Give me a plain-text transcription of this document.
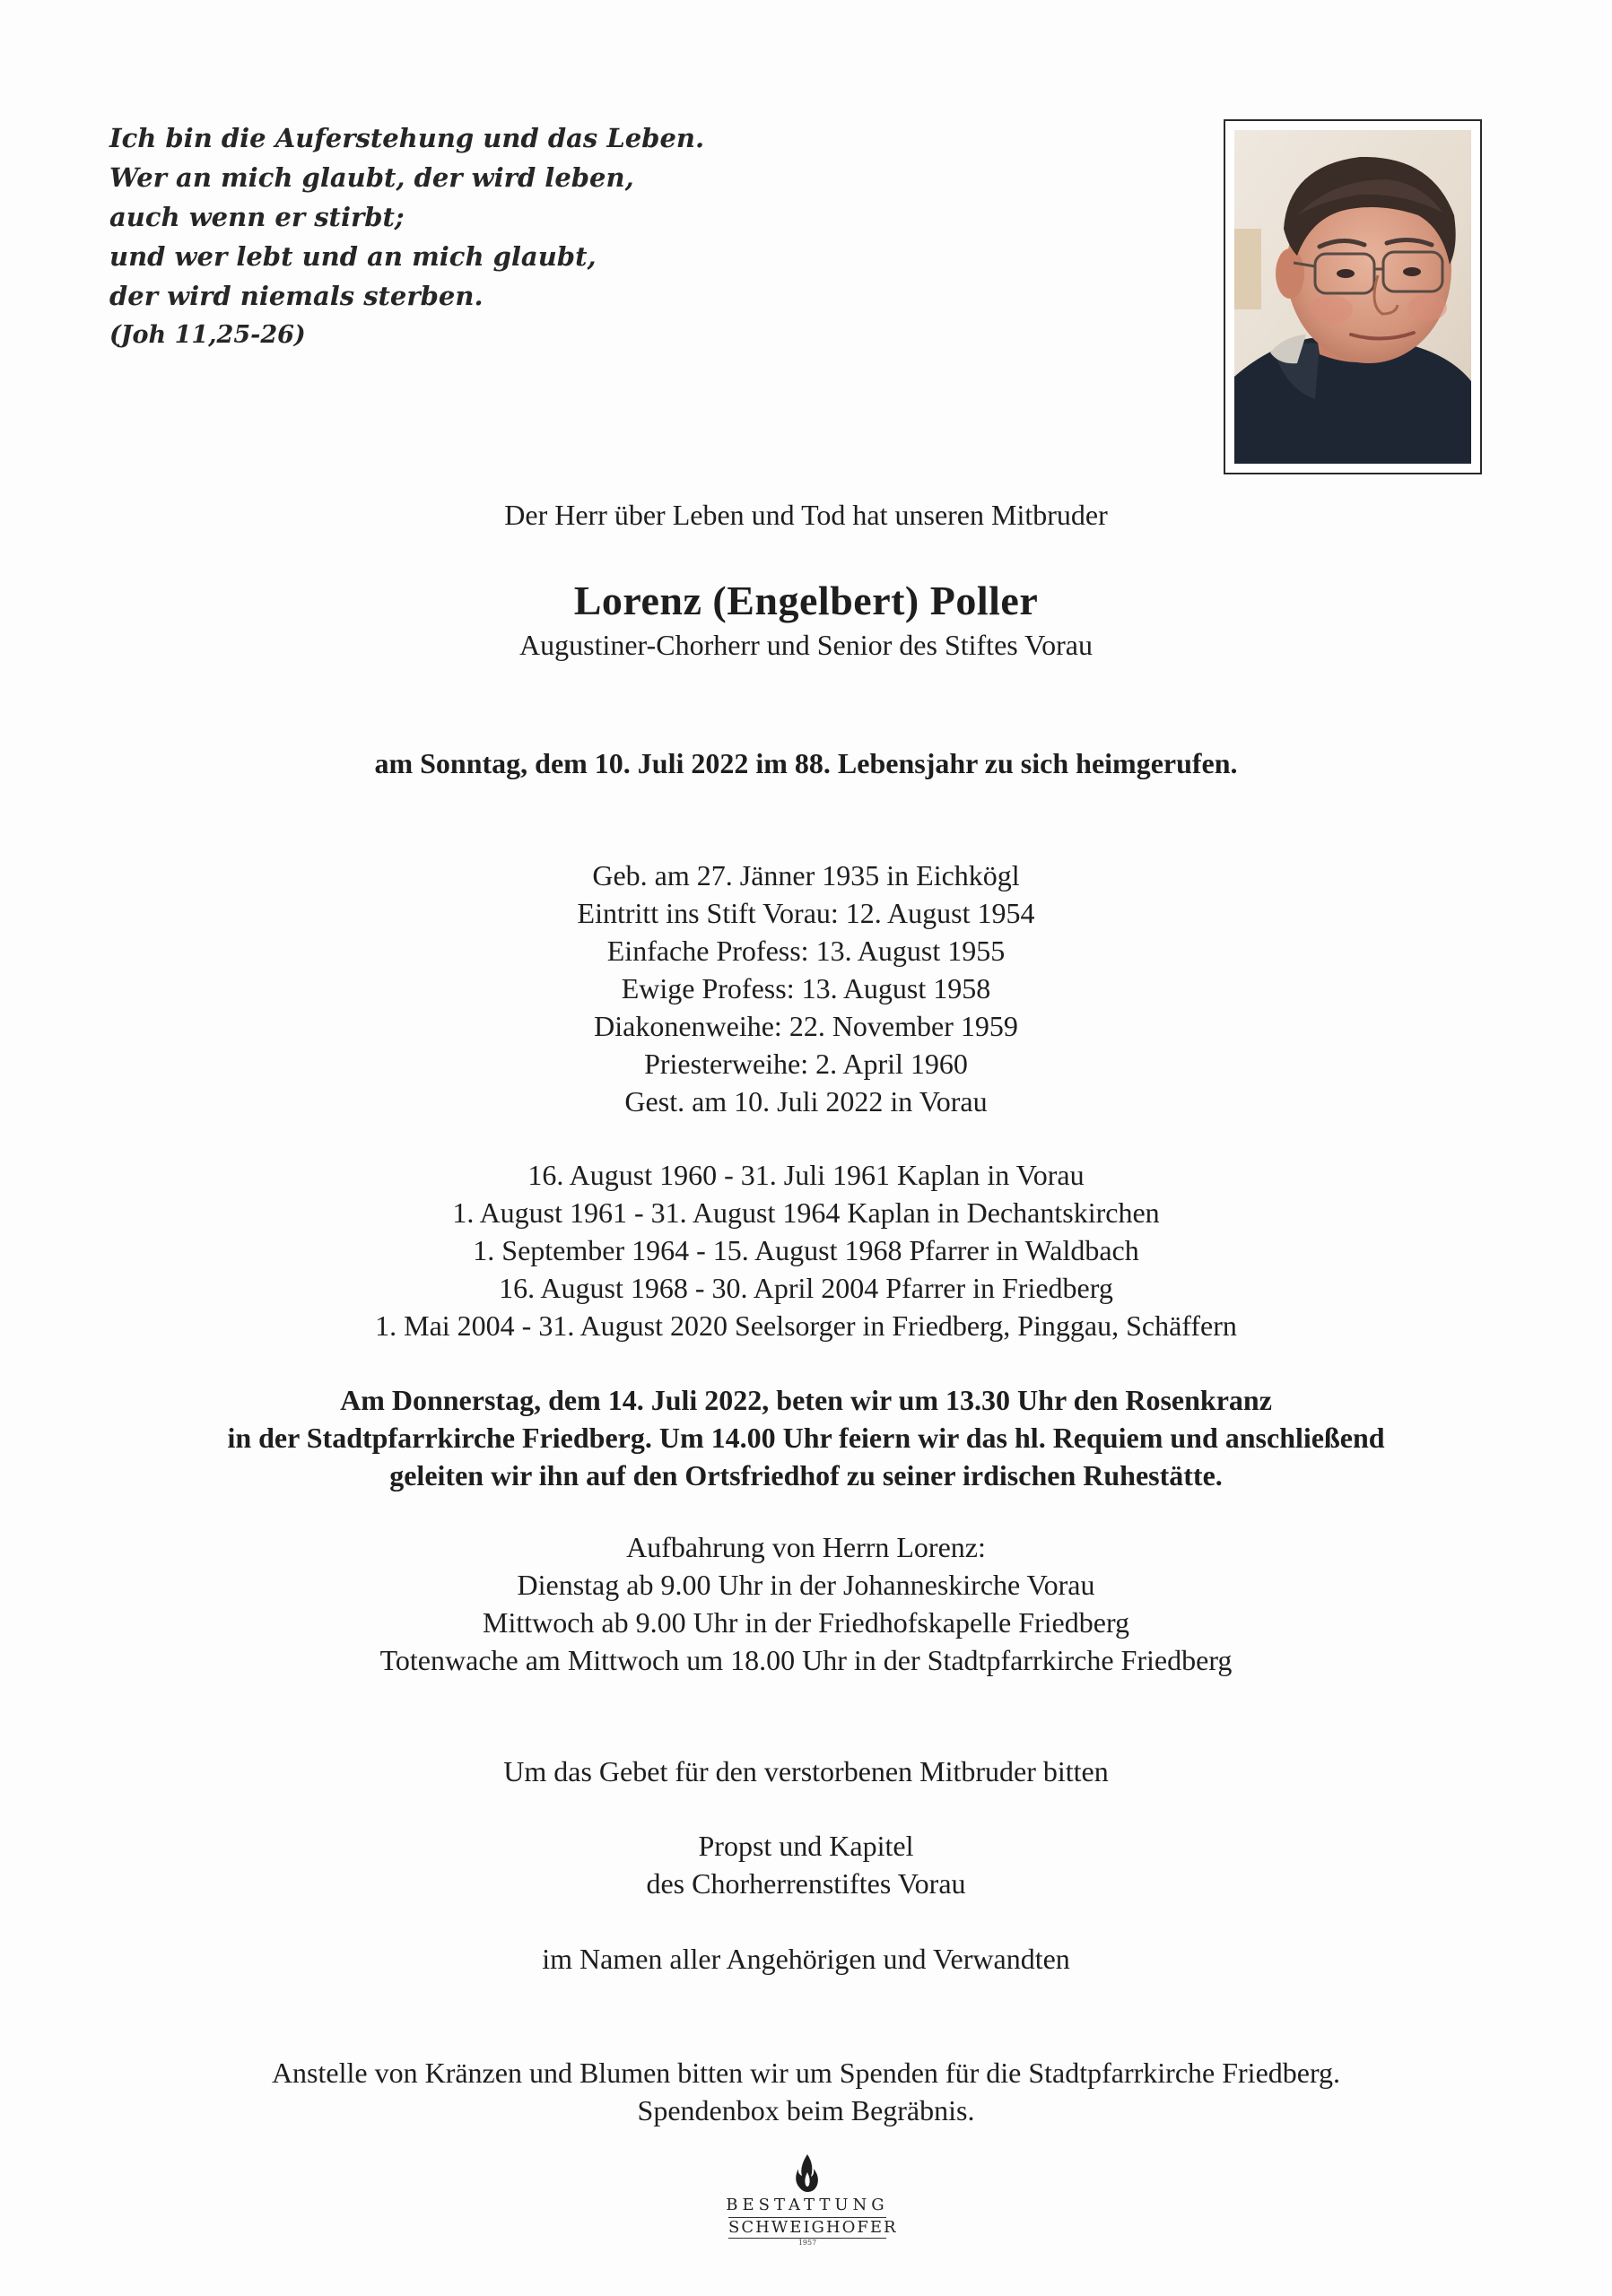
Ich bin die Auferstehung und das Leben.
Wer an mich glaubt, der wird leben,
auch wenn er stirbt;
und wer lebt und an mich glaubt,
der wird niemals sterben.
(Joh 11,25-26)
Der Herr über Leben und Tod hat unseren Mitbruder
Lorenz (Engelbert) Poller
Augustiner-Chorherr und Senior des Stiftes Vorau
am Sonntag, dem 10. Juli 2022 im 88. Lebensjahr zu sich heimgerufen.
Geb. am 27. Jänner 1935 in Eichkögl
Eintritt ins Stift Vorau: 12. August 1954
Einfache Profess: 13. August 1955
Ewige Profess: 13. August 1958
Diakonenweihe: 22. November 1959
Priesterweihe: 2. April 1960
Gest. am 10. Juli 2022 in Vorau
16. August 1960 - 31. Juli 1961 Kaplan in Vorau
1. August 1961 - 31. August 1964 Kaplan in Dechantskirchen
1. September 1964 - 15. August 1968 Pfarrer in Waldbach
16. August 1968 - 30. April 2004 Pfarrer in Friedberg
1. Mai 2004 - 31. August 2020 Seelsorger in Friedberg, Pinggau, Schäffern
Am Donnerstag, dem 14. Juli 2022, beten wir um 13.30 Uhr den Rosenkranz
in der Stadtpfarrkirche Friedberg. Um 14.00 Uhr feiern wir das hl. Requiem und anschließend
geleiten wir ihn auf den Ortsfriedhof zu seiner irdischen Ruhestätte.
Aufbahrung von Herrn Lorenz:
Dienstag ab 9.00 Uhr in der Johanneskirche Vorau
Mittwoch ab 9.00 Uhr in der Friedhofskapelle Friedberg
Totenwache am Mittwoch um 18.00 Uhr in der Stadtpfarrkirche Friedberg
Um das Gebet für den verstorbenen Mitbruder bitten
Propst und Kapitel
des Chorherrenstiftes Vorau
im Namen aller Angehörigen und Verwandten
Anstelle von Kränzen und Blumen bitten wir um Spenden für die Stadtpfarrkirche Friedberg.
Spendenbox beim Begräbnis.
BESTATTUNG
SCHWEIGHOFER
1957
